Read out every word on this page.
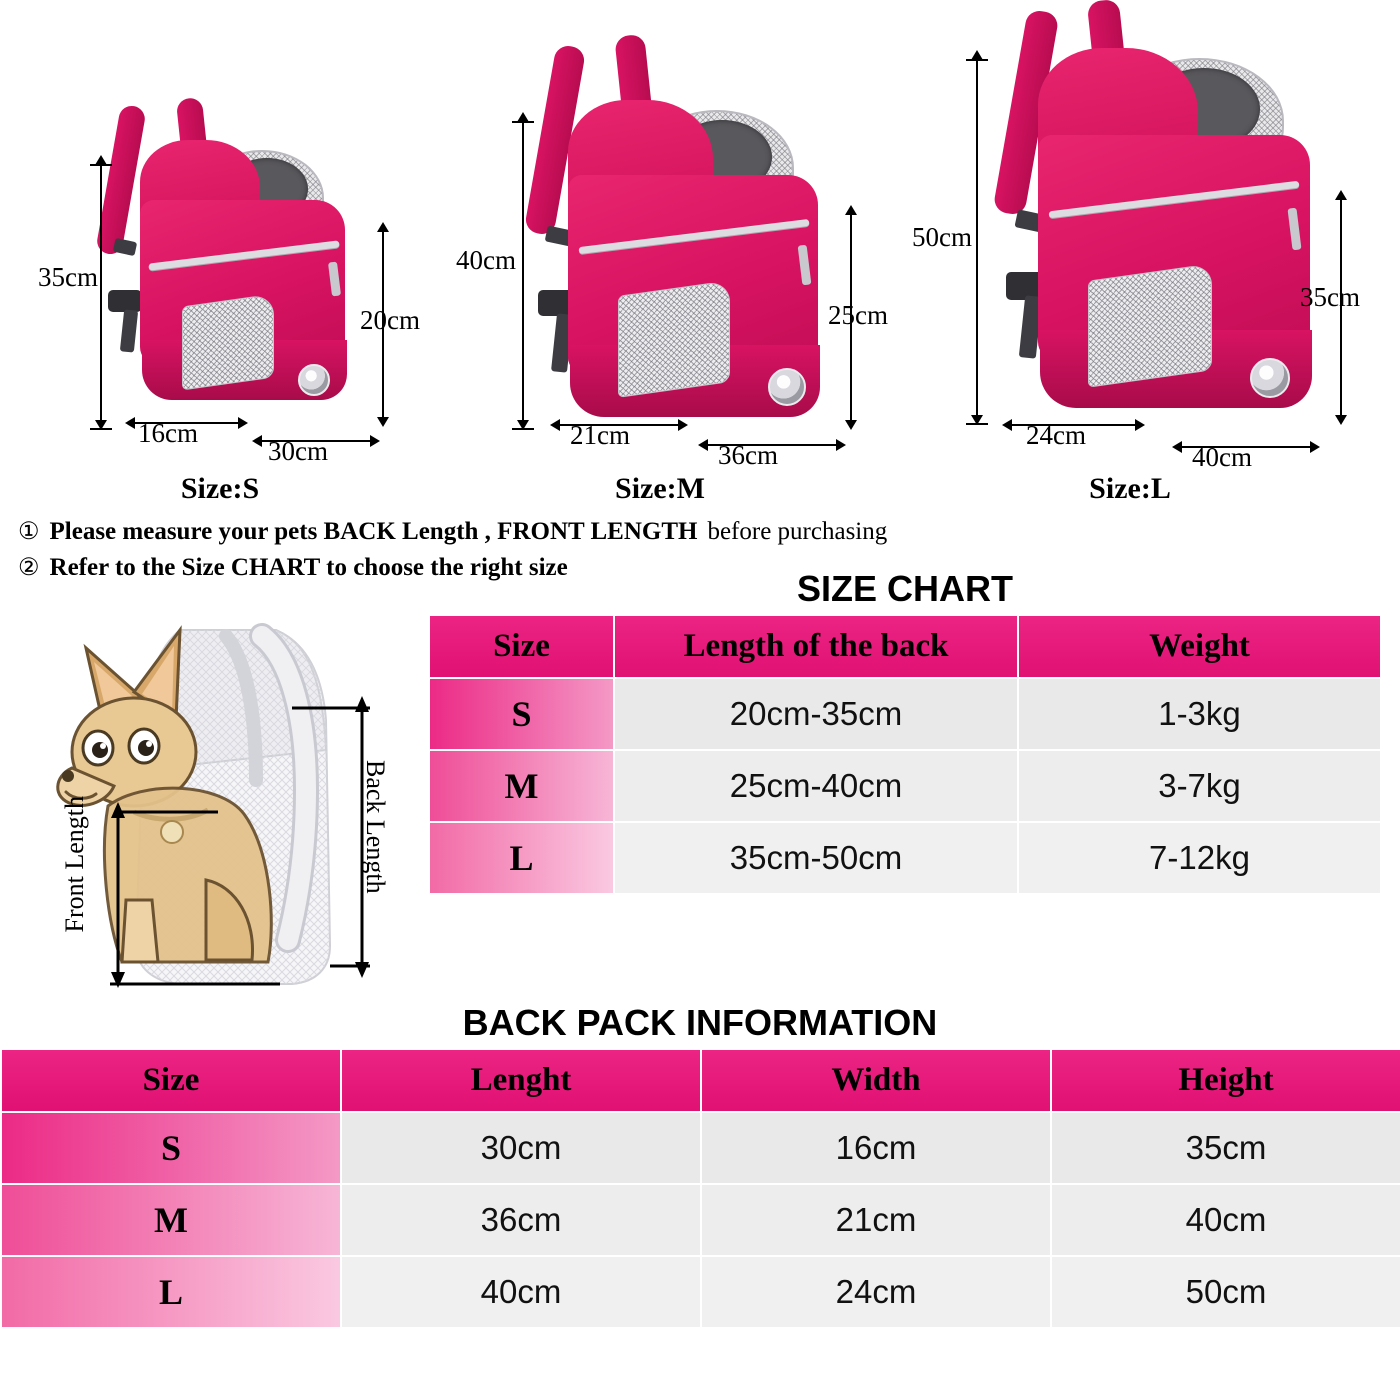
35cm
20cm
16cm
30cm
Size:S
40cm
25cm
21cm
36cm
Size:M
50cm
35cm
24cm
40cm
Size:L
① Please measure your pets BACK Length , FRONT LENGTH before purchasing
② Refer to the Size CHART to choose the right size
Back Length
Front Length
SIZE CHART
Size	Length of the back	Weight
S	20cm-35cm	1-3kg
M	25cm-40cm	3-7kg
L	35cm-50cm	7-12kg
BACK PACK INFORMATION
Size	Lenght	Width	Height
S	30cm	16cm	35cm
M	36cm	21cm	40cm
L	40cm	24cm	50cm
